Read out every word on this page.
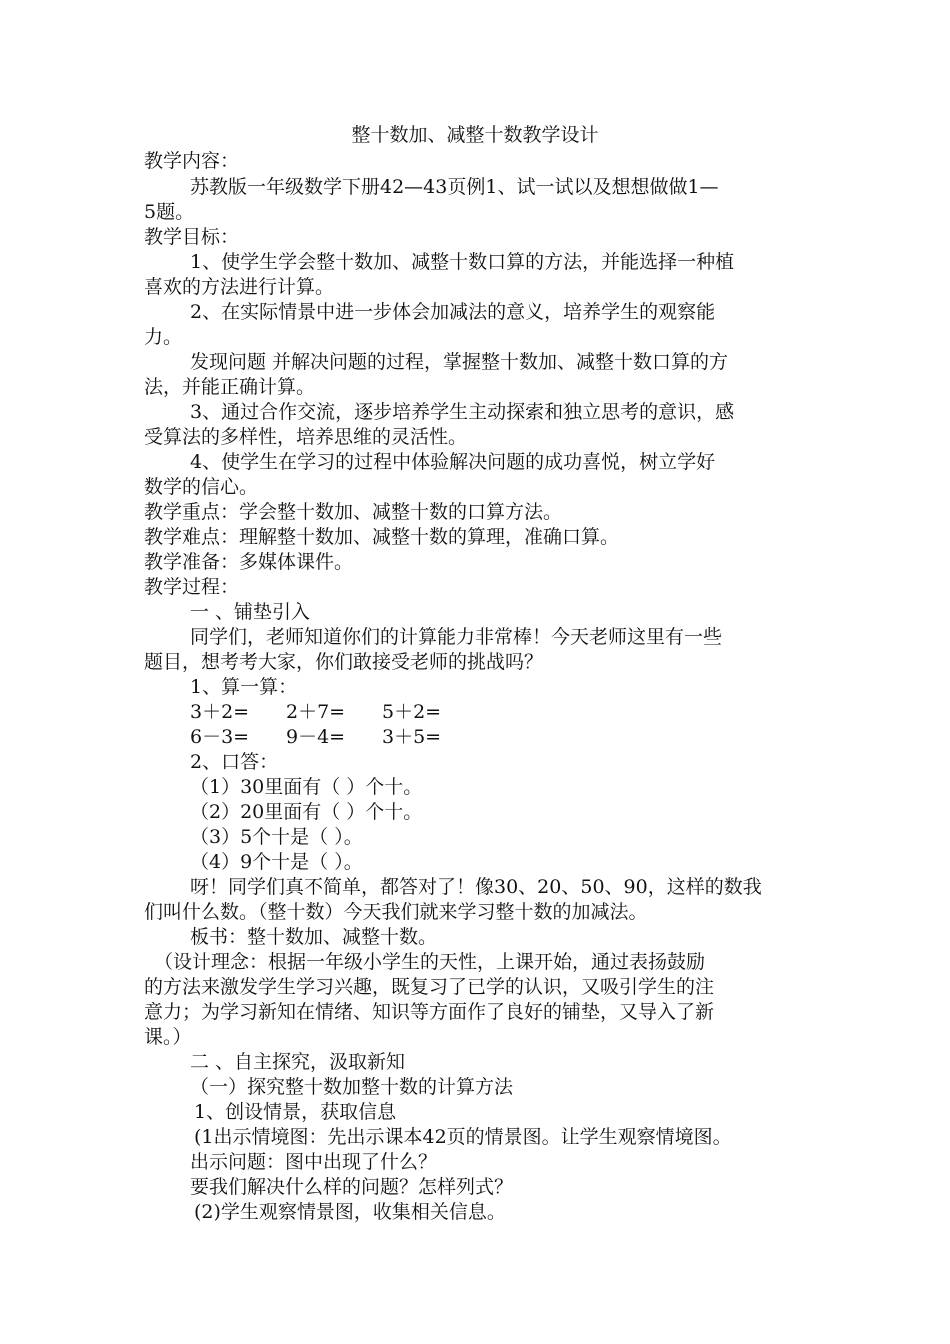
整十数加、减整十数教学设计
教学内容：
苏教版一年级数学下册42—43页例1、试一试以及想想做做1—
5题。
教学目标：
1、使学生学会整十数加、减整十数口算的方法，并能选择一种植
喜欢的方法进行计算。
2、在实际情景中进一步体会加减法的意义，培养学生的观察能
力。
发现问题 并解决问题的过程，掌握整十数加、减整十数口算的方
法，并能正确计算。
3、通过合作交流，逐步培养学生主动探索和独立思考的意识，感
受算法的多样性，培养思维的灵活性。
4、使学生在学习的过程中体验解决问题的成功喜悦，树立学好
数学的信心。
教学重点：学会整十数加、减整十数的口算方法。
教学难点：理解整十数加、减整十数的算理，准确口算。
教学准备：多媒体课件。
教学过程：
一 、铺垫引入
同学们，老师知道你们的计算能力非常棒！今天老师这里有一些
题目，想考考大家，你们敢接受老师的挑战吗？
1、算一算：
3＋2= 2＋7= 5＋2=
6－3= 9－4= 3＋5=
2、口答：
（1）30里面有（ ）个十。
（2）20里面有（ ）个十。
（3）5个十是（ ）。
（4）9个十是（ ）。
呀！同学们真不简单，都答对了！像30、20、50、90，这样的数我
们叫什么数。（整十数）今天我们就来学习整十数的加减法。
板书：整十数加、减整十数。
（设计理念：根据一年级小学生的天性，上课开始，通过表扬鼓励
的方法来激发学生学习兴趣，既复习了已学的认识，又吸引学生的注
意力；为学习新知在情绪、知识等方面作了良好的铺垫，又导入了新
课。）
二 、自主探究，汲取新知
（一）探究整十数加整十数的计算方法
1、创设情景，获取信息
(1出示情境图：先出示课本42页的情景图。让学生观察情境图。
出示问题：图中出现了什么？
要我们解决什么样的问题？怎样列式？
(2)学生观察情景图，收集相关信息。
